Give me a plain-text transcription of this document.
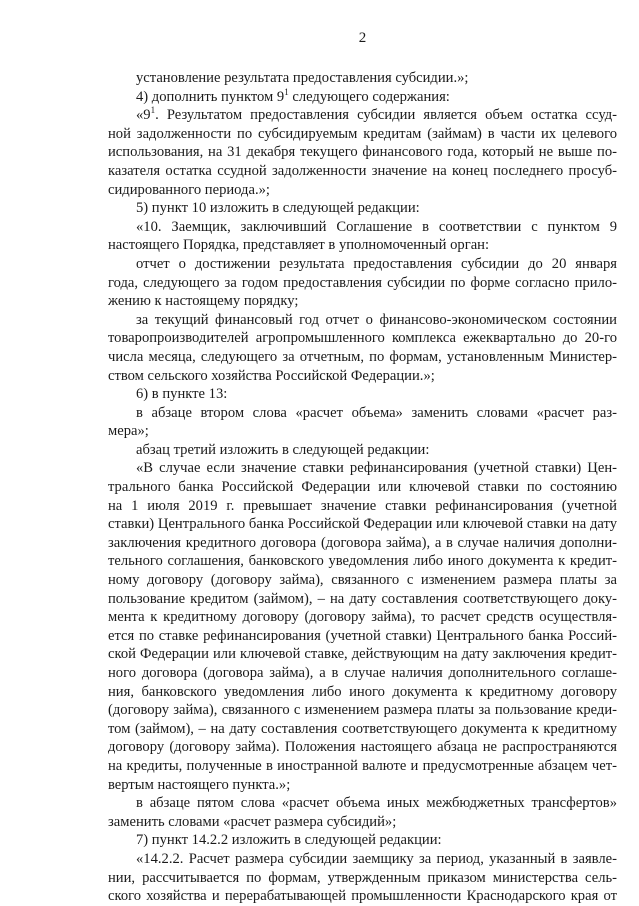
2
установление результата предоставления субсидии.»;
4) дополнить пунктом $9^1$ следующего содержания:
«$9^1$. Результатом предоставления субсидии является объем остатка ссуд-
ной задолженности по субсидируемым кредитам (займам) в части их целевого
использования, на 31 декабря текущего финансового года, который не выше по-
казателя остатка ссудной задолженности значение на конец последнего просуб-
сидированного периода.»;
5) пункт 10 изложить в следующей редакции:
«10. Заемщик, заключивший Соглашение в соответствии с пунктом 9
настоящего Порядка, представляет в уполномоченный орган:
отчет о достижении результата предоставления субсидии до 20 января
года, следующего за годом предоставления субсидии по форме согласно прило-
жению к настоящему порядку;
за текущий финансовый год отчет о финансово-экономическом состоянии
товаропроизводителей агропромышленного комплекса ежеквартально до 20-го
числа месяца, следующего за отчетным, по формам, установленным Министер-
ством сельского хозяйства Российской Федерации.»;
6) в пункте 13:
в абзаце втором слова «расчет объема» заменить словами «расчет раз-
мера»;
абзац третий изложить в следующей редакции:
«В случае если значение ставки рефинансирования (учетной ставки) Цен-
трального банка Российской Федерации или ключевой ставки по состоянию
на 1 июля 2019 г. превышает значение ставки рефинансирования (учетной
ставки) Центрального банка Российской Федерации или ключевой ставки на дату
заключения кредитного договора (договора займа), а в случае наличия дополни-
тельного соглашения, банковского уведомления либо иного документа к кредит-
ному договору (договору займа), связанного с изменением размера платы за
пользование кредитом (займом), – на дату составления соответствующего доку-
мента к кредитному договору (договору займа), то расчет средств осуществля-
ется по ставке рефинансирования (учетной ставки) Центрального банка Россий-
ской Федерации или ключевой ставке, действующим на дату заключения кредит-
ного договора (договора займа), а в случае наличия дополнительного соглаше-
ния, банковского уведомления либо иного документа к кредитному договору
(договору займа), связанного с изменением размера платы за пользование креди-
том (займом), – на дату составления соответствующего документа к кредитному
договору (договору займа). Положения настоящего абзаца не распространяются
на кредиты, полученные в иностранной валюте и предусмотренные абзацем чет-
вертым настоящего пункта.»;
в абзаце пятом слова «расчет объема иных межбюджетных трансфертов»
заменить словами «расчет размера субсидий»;
7) пункт 14.2.2 изложить в следующей редакции:
«14.2.2. Расчет размера субсидии заемщику за период, указанный в заявле-
нии, рассчитывается по формам, утвержденным приказом министерства сель-
ского хозяйства и перерабатывающей промышленности Краснодарского края от
